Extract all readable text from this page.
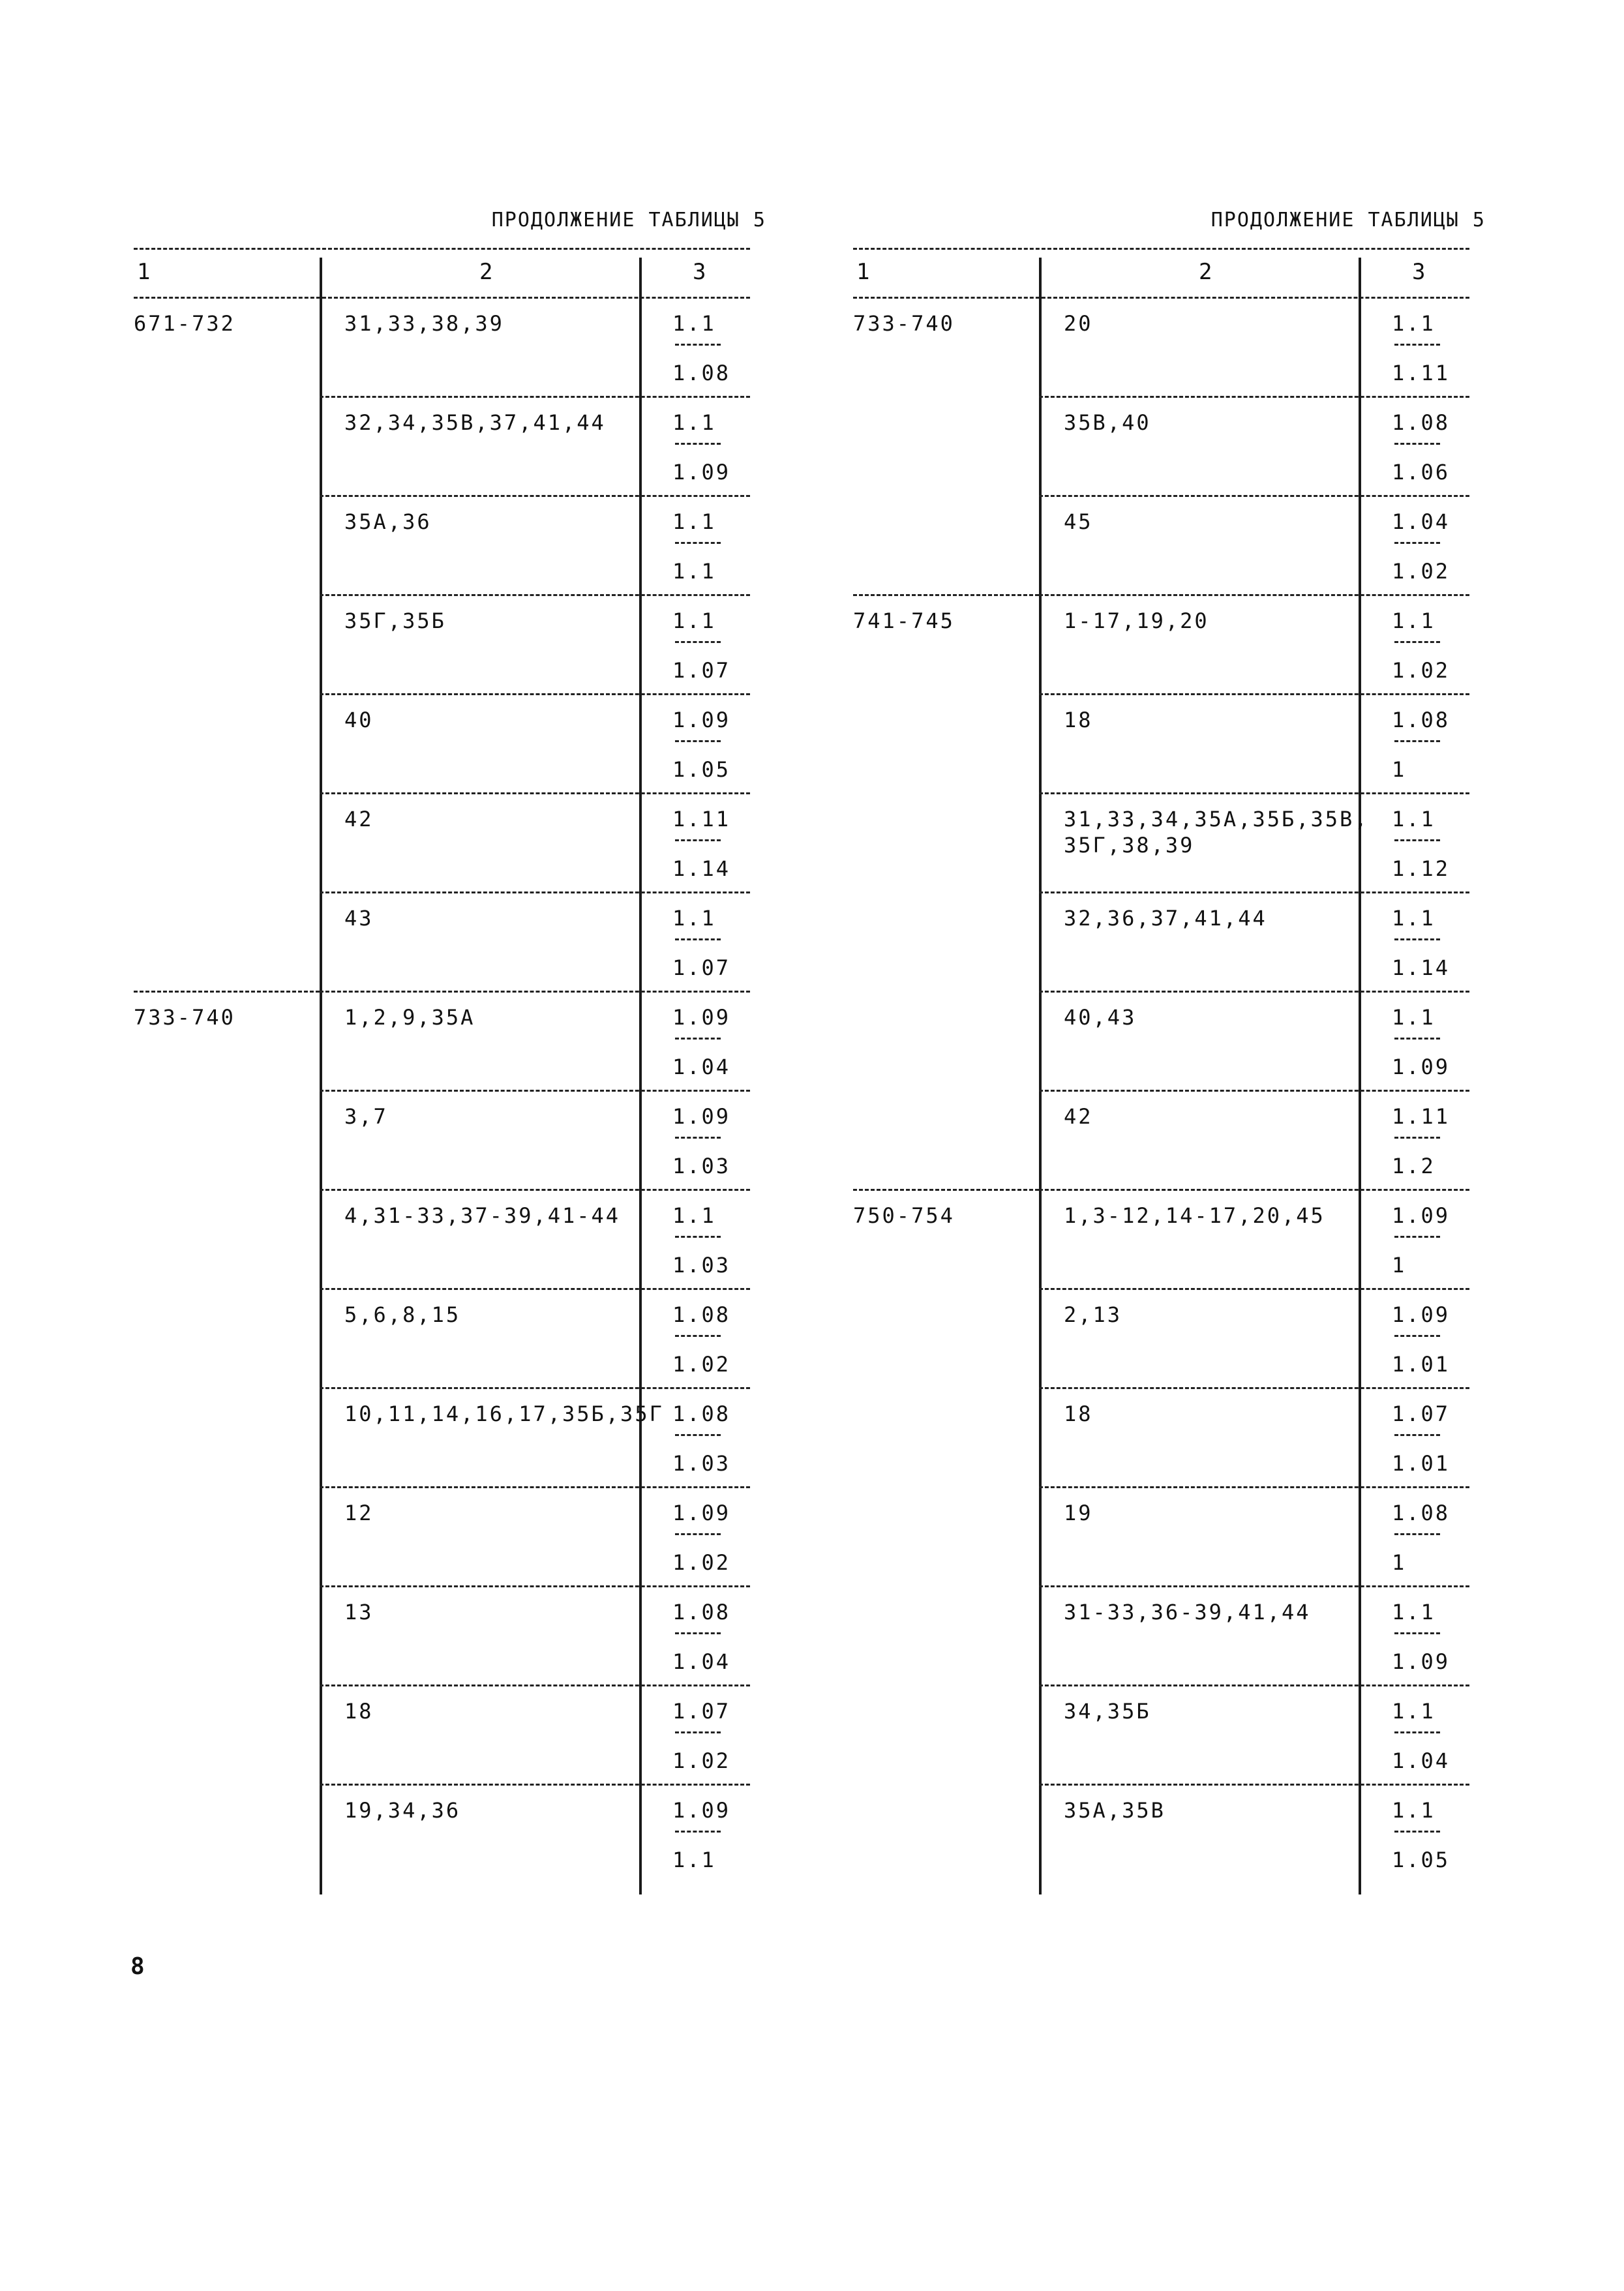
ПРОДОЛЖЕНИЕ ТАБЛИЦЫ 5
1	2	3
671-732	31,33,38,39	1.1
1.08
32,34,35В,37,41,44	1.1
1.09
35А,36	1.1
1.1
35Г,35Б	1.1
1.07
40	1.09
1.05
42	1.11
1.14
43	1.1
1.07
733-740	1,2,9,35А	1.09
1.04
3,7	1.09
1.03
4,31-33,37-39,41-44 1.1
1.03
5,6,8,15	1.08
1.02
10,11,14,16,17,35Б,35Г 1.08
1.03
12	1.09
1.02
13	1.08
1.04
18	1.07
1.02
19,34,36	1.09
1.1
ПРОДОЛЖЕНИЕ ТАБЛИЦЫ 5
1	2	3
733-740	20	1.1
1.11
35В,40	1.08
1.06
45	1.04
1.02
741-745	1-17,19,20	1.1
1.02
18	1.08
1
31,33,34,35А,35Б,35В,
35Г,38,39
1.1
1.12
32,36,37,41,44	1.1
1.14
40,43	1.1
1.09
42	1.11
1.2
750-754	1,3-12,14-17,20,45	1.09
1
2,13	1.09
1.01
18	1.07
1.01
19	1.08
1
31-33,36-39,41,44	1.1
1.09
34,35Б	1.1
1.04
35А,35В	1.1
1.05
8
